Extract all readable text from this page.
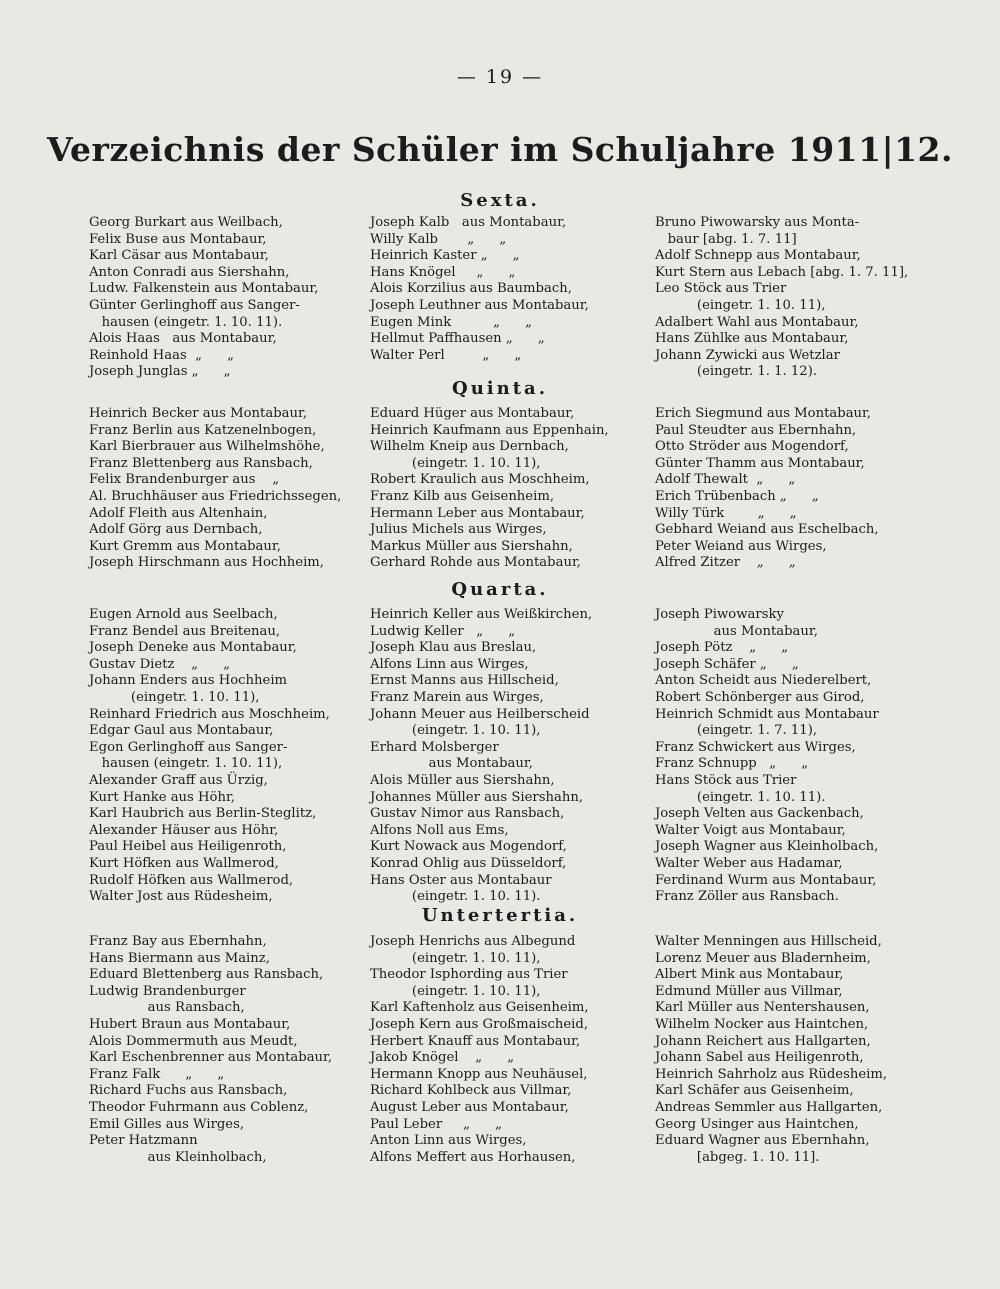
— 19 —
Verzeichnis der Schüler im Schuljahre 1911|12.
Sexta.
Georg Burkart aus Weilbach,
Felix Buse aus Montabaur,
Karl Cäsar aus Montabaur,
Anton Conradi aus Siershahn,
Ludw. Falkenstein aus Montabaur,
Günter Gerlinghoff aus Sanger-
hausen (eingetr. 1. 10. 11).
Alois Haas   aus Montabaur,
Reinhold Haas  „      „
Joseph Junglas „      „
Joseph Kalb   aus Montabaur,
Willy Kalb       „      „
Heinrich Kaster „      „
Hans Knögel     „      „
Alois Korzilius aus Baumbach,
Joseph Leuthner aus Montabaur,
Eugen Mink          „      „
Hellmut Paffhausen „      „
Walter Perl         „      „
Bruno Piwowarsky aus Monta-
baur [abg. 1. 7. 11]
Adolf Schnepp aus Montabaur,
Kurt Stern aus Lebach [abg. 1. 7. 11],
Leo Stöck aus Trier
(eingetr. 1. 10. 11),
Adalbert Wahl aus Montabaur,
Hans Zühlke aus Montabaur,
Johann Zywicki aus Wetzlar
(eingetr. 1. 1. 12).
Quinta.
Heinrich Becker aus Montabaur,
Franz Berlin aus Katzenelnbogen,
Karl Bierbrauer aus Wilhelmshöhe,
Franz Blettenberg aus Ransbach,
Felix Brandenburger aus    „
Al. Bruchhäuser aus Friedrichssegen,
Adolf Fleith aus Altenhain,
Adolf Görg aus Dernbach,
Kurt Gremm aus Montabaur,
Joseph Hirschmann aus Hochheim,
Eduard Hüger aus Montabaur,
Heinrich Kaufmann aus Eppenhain,
Wilhelm Kneip aus Dernbach,
(eingetr. 1. 10. 11),
Robert Kraulich aus Moschheim,
Franz Kilb aus Geisenheim,
Hermann Leber aus Montabaur,
Julius Michels aus Wirges,
Markus Müller aus Siershahn,
Gerhard Rohde aus Montabaur,
Erich Siegmund aus Montabaur,
Paul Steudter aus Ebernhahn,
Otto Ströder aus Mogendorf,
Günter Thamm aus Montabaur,
Adolf Thewalt  „      „
Erich Trübenbach „      „
Willy Türk        „      „
Gebhard Weiand aus Eschelbach,
Peter Weiand aus Wirges,
Alfred Zitzer    „      „
Quarta.
Eugen Arnold aus Seelbach,
Franz Bendel aus Breitenau,
Joseph Deneke aus Montabaur,
Gustav Dietz    „      „
Johann Enders aus Hochheim
(eingetr. 1. 10. 11),
Reinhard Friedrich aus Moschheim,
Edgar Gaul aus Montabaur,
Egon Gerlinghoff aus Sanger-
hausen (eingetr. 1. 10. 11),
Alexander Graff aus Ürzig,
Kurt Hanke aus Höhr,
Karl Haubrich aus Berlin-Steglitz,
Alexander Häuser aus Höhr,
Paul Heibel aus Heiligenroth,
Kurt Höfken aus Wallmerod,
Rudolf Höfken aus Wallmerod,
Walter Jost aus Rüdesheim,
Heinrich Keller aus Weißkirchen,
Ludwig Keller   „      „
Joseph Klau aus Breslau,
Alfons Linn aus Wirges,
Ernst Manns aus Hillscheid,
Franz Marein aus Wirges,
Johann Meuer aus Heilberscheid
(eingetr. 1. 10. 11),
Erhard Molsberger
aus Montabaur,
Alois Müller aus Siershahn,
Johannes Müller aus Siershahn,
Gustav Nimor aus Ransbach,
Alfons Noll aus Ems,
Kurt Nowack aus Mogendorf,
Konrad Ohlig aus Düsseldorf,
Hans Oster aus Montabaur
(eingetr. 1. 10. 11).
Joseph Piwowarsky
aus Montabaur,
Joseph Pötz    „      „
Joseph Schäfer „      „
Anton Scheidt aus Niederelbert,
Robert Schönberger aus Girod,
Heinrich Schmidt aus Montabaur
(eingetr. 1. 7. 11),
Franz Schwickert aus Wirges,
Franz Schnupp   „      „
Hans Stöck aus Trier
(eingetr. 1. 10. 11).
Joseph Velten aus Gackenbach,
Walter Voigt aus Montabaur,
Joseph Wagner aus Kleinholbach,
Walter Weber aus Hadamar,
Ferdinand Wurm aus Montabaur,
Franz Zöller aus Ransbach.
Untertertia.
Franz Bay aus Ebernhahn,
Hans Biermann aus Mainz,
Eduard Blettenberg aus Ransbach,
Ludwig Brandenburger
aus Ransbach,
Hubert Braun aus Montabaur,
Alois Dommermuth aus Meudt,
Karl Eschenbrenner aus Montabaur,
Franz Falk      „      „
Richard Fuchs aus Ransbach,
Theodor Fuhrmann aus Coblenz,
Emil Gilles aus Wirges,
Peter Hatzmann
aus Kleinholbach,
Joseph Henrichs aus Albegund
(eingetr. 1. 10. 11),
Theodor Isphording aus Trier
(eingetr. 1. 10. 11),
Karl Kaftenholz aus Geisenheim,
Joseph Kern aus Großmaischeid,
Herbert Knauff aus Montabaur,
Jakob Knögel    „      „
Hermann Knopp aus Neuhäusel,
Richard Kohlbeck aus Villmar,
August Leber aus Montabaur,
Paul Leber     „      „
Anton Linn aus Wirges,
Alfons Meffert aus Horhausen,
Walter Menningen aus Hillscheid,
Lorenz Meuer aus Bladernheim,
Albert Mink aus Montabaur,
Edmund Müller aus Villmar,
Karl Müller aus Nentershausen,
Wilhelm Nocker aus Haintchen,
Johann Reichert aus Hallgarten,
Johann Sabel aus Heiligenroth,
Heinrich Sahrholz aus Rüdesheim,
Karl Schäfer aus Geisenheim,
Andreas Semmler aus Hallgarten,
Georg Usinger aus Haintchen,
Eduard Wagner aus Ebernhahn,
[abgeg. 1. 10. 11].
